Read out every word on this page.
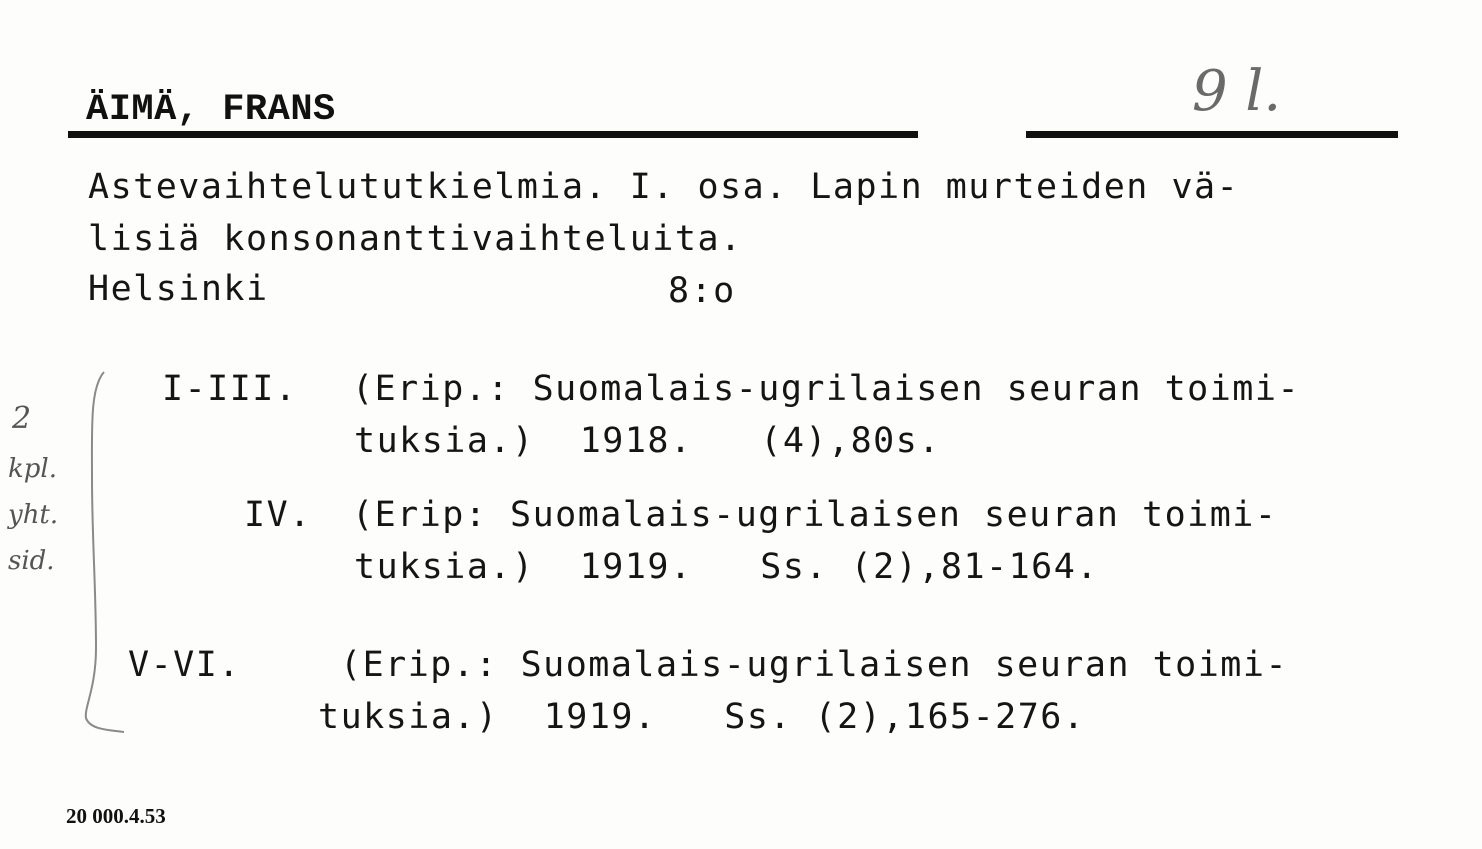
ÄIMÄ, FRANS	9 l.
Astevaihtelututkielmia. I. osa. Lapin murteiden vä-
lisiä konsonanttivaihteluita.
Helsinki	8:o
I-III. (Erip.: Suomalais-ugrilaisen seuran toimi-
tuksia.)  1918.   (4),80s.
IV. (Erip: Suomalais-ugrilaisen seuran toimi-
tuksia.)  1919.   Ss. (2),81-164.
V-VI.	(Erip.: Suomalais-ugrilaisen seuran toimi-
tuksia.)  1919.   Ss. (2),165-276.
2
kpl.
yht.
sid.
20 000.4.53
